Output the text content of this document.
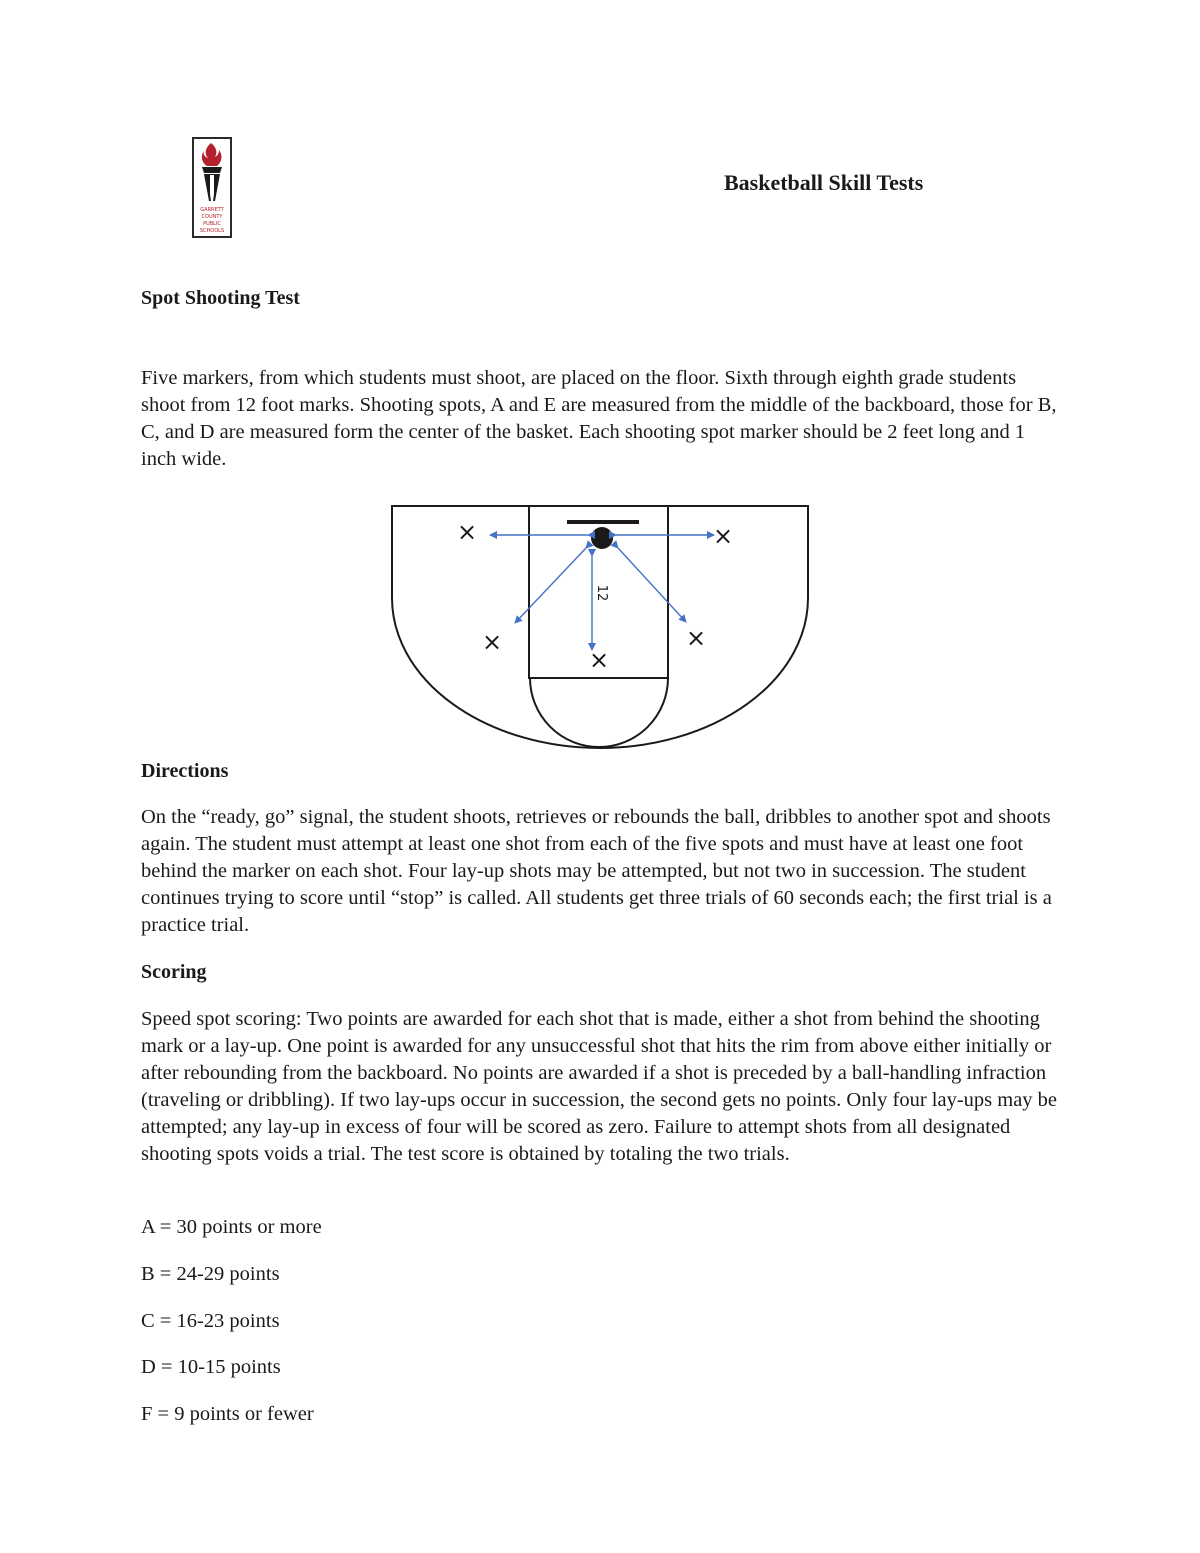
GARRETT
COUNTY
PUBLIC
SCHOOLS
Basketball Skill Tests
Spot Shooting Test

Five markers, from which students must shoot, are placed on the floor. Sixth through eighth grade students shoot from 12 foot marks. Shooting spots, A and E are measured from the middle of the backboard, those for B, C, and D are measured form the center of the basket. Each shooting spot marker should be 2 feet long and 1 inch wide.

12
×	×
×	×
×
Directions

On the “ready, go” signal, the student shoots, retrieves or rebounds the ball, dribbles to another spot and shoots again. The student must attempt at least one shot from each of the five spots and must have at least one foot behind the marker on each shot. Four lay-up shots may be attempted, but not two in succession. The student continues trying to score until “stop” is called. All students get three trials of 60 seconds each; the first trial is a practice trial.

Scoring

Speed spot scoring: Two points are awarded for each shot that is made, either a shot from behind the shooting mark or a lay-up. One point is awarded for any unsuccessful shot that hits the rim from above either initially or after rebounding from the backboard. No points are awarded if a shot is preceded by a ball-handling infraction (traveling or dribbling). If two lay-ups occur in succession, the second gets no points. Only four lay-ups may be attempted; any lay-up in excess of four will be scored as zero. Failure to attempt shots from all designated shooting spots voids a trial. The test score is obtained by totaling the two trials.

A = 30 points or more
B = 24-29 points
C = 16-23 points
D = 10-15 points
F = 9 points or fewer
